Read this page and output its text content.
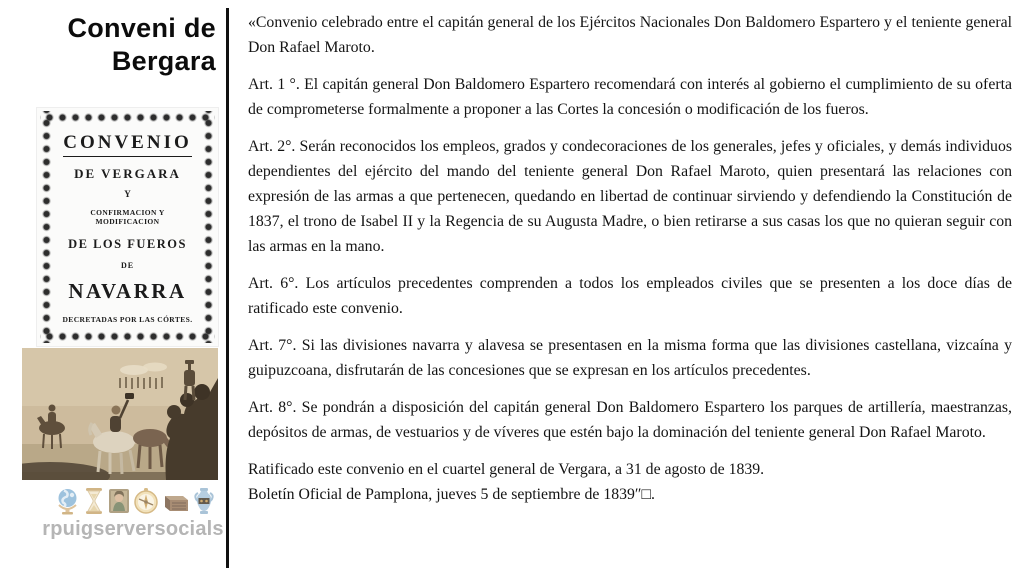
Conveni de Bergara
CONVENIO
DE VERGARA
Y
CONFIRMACION Y MODIFICACION
DE LOS FUEROS
DE
NAVARRA
DECRETADAS POR LAS CÓRTES.
rpuigserversocials

«Convenio celebrado entre el capitán general de los Ejércitos Nacionales Don Baldomero Espartero y el teniente general Don Rafael Maroto.

Art. 1 °. El capitán general Don Baldomero Espartero recomendará con interés al gobierno el cumplimiento de su oferta de comprometerse formalmente a proponer a las Cortes la concesión o modificación de los fueros.

Art. 2°. Serán reconocidos los empleos, grados y condecoraciones de los generales, jefes y oficiales, y demás individuos dependientes del ejército del mando del teniente general Don Rafael Maroto, quien presentará las relaciones con expresión de las armas a que pertenecen, quedando en libertad de continuar sirviendo y defendiendo la Constitución de 1837, el trono de Isabel II y la Regencia de su Augusta Madre, o bien retirarse a sus casas los que no quieran seguir con las armas en la mano.

Art. 6°. Los artículos precedentes comprenden a todos los empleados civiles que se presenten a los doce días de ratificado este convenio.

Art. 7°. Si las divisiones navarra y alavesa se presentasen en la misma forma que las divisiones castellana, vizcaína y guipuzcoana, disfrutarán de las concesiones que se expresan en los artículos precedentes.

Art. 8°. Se pondrán a disposición del capitán general Don Baldomero Espartero los parques de artillería, maestranzas, depósitos de armas, de vestuarios y de víveres que estén bajo la dominación del teniente general Don Rafael Maroto.

Ratificado este convenio en el cuartel general de Vergara, a 31 de agosto de 1839.
Boletín Oficial de Pamplona, jueves 5 de septiembre de 1839″□.
